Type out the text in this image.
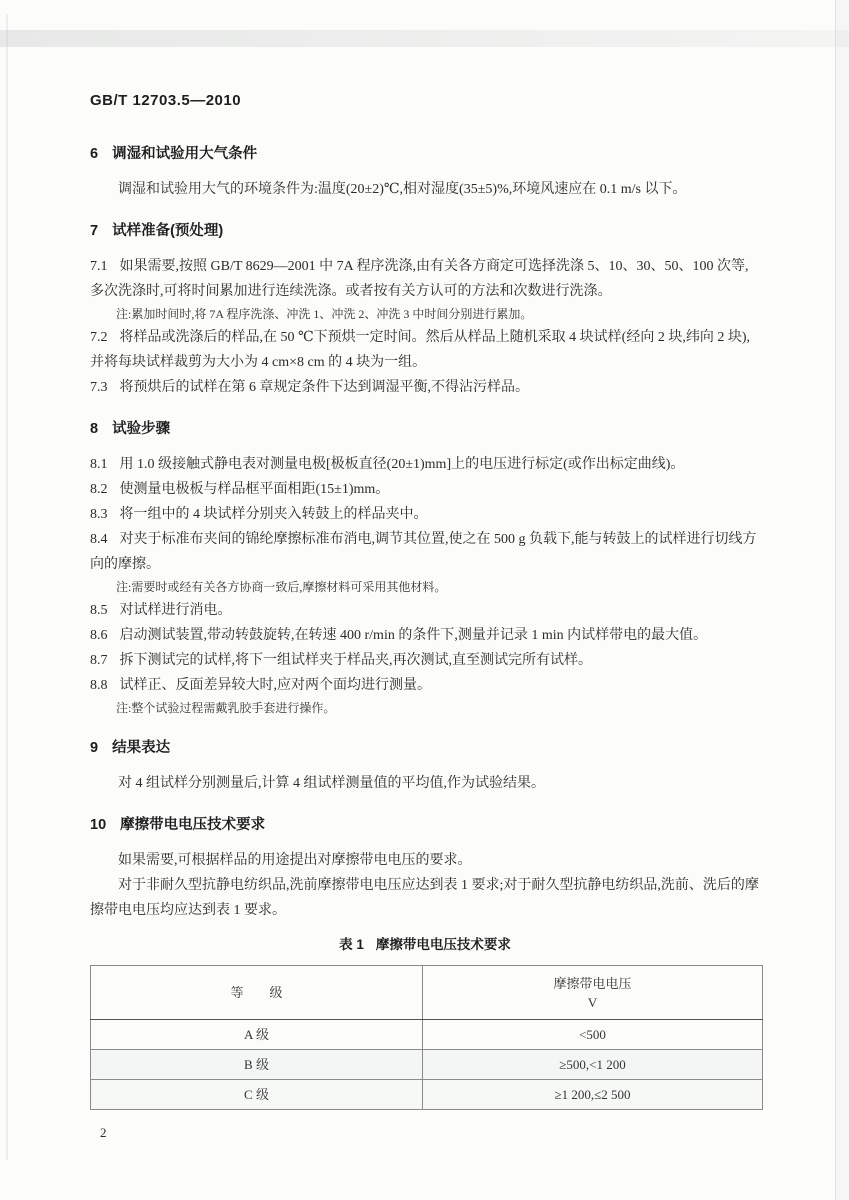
GB/T 12703.5—2010
6 调湿和试验用大气条件

调湿和试验用大气的环境条件为:温度(20±2)℃,相对湿度(35±5)%,环境风速应在 0.1 m/s 以下。

7 试样准备(预处理)

7.1 如果需要,按照 GB/T 8629—2001 中 7A 程序洗涤,由有关各方商定可选择洗涤 5、10、30、50、100 次等,多次洗涤时,可将时间累加进行连续洗涤。或者按有关方认可的方法和次数进行洗涤。

注:累加时间时,将 7A 程序洗涤、冲洗 1、冲洗 2、冲洗 3 中时间分别进行累加。

7.2 将样品或洗涤后的样品,在 50 ℃下预烘一定时间。然后从样品上随机采取 4 块试样(经向 2 块,纬向 2 块),并将每块试样裁剪为大小为 4 cm×8 cm 的 4 块为一组。

7.3 将预烘后的试样在第 6 章规定条件下达到调湿平衡,不得沾污样品。

8 试验步骤

8.1 用 1.0 级接触式静电表对测量电极[极板直径(20±1)mm]上的电压进行标定(或作出标定曲线)。

8.2 使测量电极板与样品框平面相距(15±1)mm。

8.3 将一组中的 4 块试样分别夹入转鼓上的样品夹中。

8.4 对夹于标准布夹间的锦纶摩擦标准布消电,调节其位置,使之在 500 g 负载下,能与转鼓上的试样进行切线方向的摩擦。

注:需要时或经有关各方协商一致后,摩擦材料可采用其他材料。

8.5 对试样进行消电。

8.6 启动测试装置,带动转鼓旋转,在转速 400 r/min 的条件下,测量并记录 1 min 内试样带电的最大值。

8.7 拆下测试完的试样,将下一组试样夹于样品夹,再次测试,直至测试完所有试样。

8.8 试样正、反面差异较大时,应对两个面均进行测量。

注:整个试验过程需戴乳胶手套进行操作。

9 结果表达

对 4 组试样分别测量后,计算 4 组试样测量值的平均值,作为试验结果。

10 摩擦带电电压技术要求

如果需要,可根据样品的用途提出对摩擦带电电压的要求。

对于非耐久型抗静电纺织品,洗前摩擦带电电压应达到表 1 要求;对于耐久型抗静电纺织品,洗前、洗后的摩擦带电电压均应达到表 1 要求。

表 1 摩擦带电电压技术要求
等　　级	摩擦带电电压
V

A 级	<500
B 级	≥500,<1 200
C 级	≥1 200,≤2 500
2
